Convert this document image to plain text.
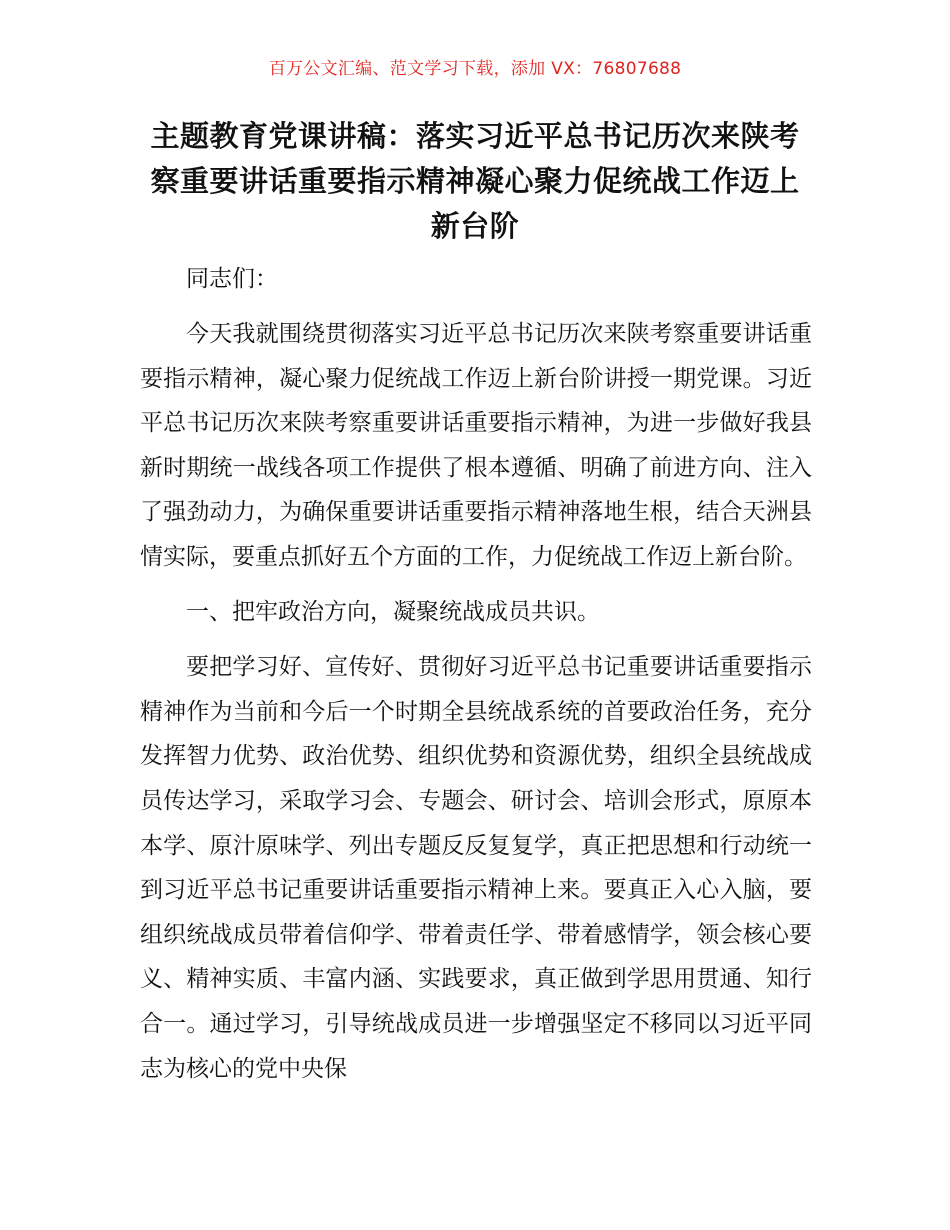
百万公文汇编、范文学习下载，添加 VX：76807688
主题教育党课讲稿：落实习近平总书记历次来陕考察重要讲话重要指示精神凝心聚力促统战工作迈上新台阶

同志们：

今天我就围绕贯彻落实习近平总书记历次来陕考察重要讲话重要指示精神，凝心聚力促统战工作迈上新台阶讲授一期党课。习近平总书记历次来陕考察重要讲话重要指示精神，为进一步做好我县新时期统一战线各项工作提供了根本遵循、明确了前进方向、注入了强劲动力，为确保重要讲话重要指示精神落地生根，结合天洲县情实际，要重点抓好五个方面的工作，力促统战工作迈上新台阶。

一、把牢政治方向，凝聚统战成员共识。

要把学习好、宣传好、贯彻好习近平总书记重要讲话重要指示精神作为当前和今后一个时期全县统战系统的首要政治任务，充分发挥智力优势、政治优势、组织优势和资源优势，组织全县统战成员传达学习，采取学习会、专题会、研讨会、培训会形式，原原本本学、原汁原味学、列出专题反反复复学，真正把思想和行动统一到习近平总书记重要讲话重要指示精神上来。要真正入心入脑，要组织统战成员带着信仰学、带着责任学、带着感情学，领会核心要义、精神实质、丰富内涵、实践要求，真正做到学思用贯通、知行合一。通过学习，引导统战成员进一步增强坚定不移同以习近平同志为核心的党中央保
